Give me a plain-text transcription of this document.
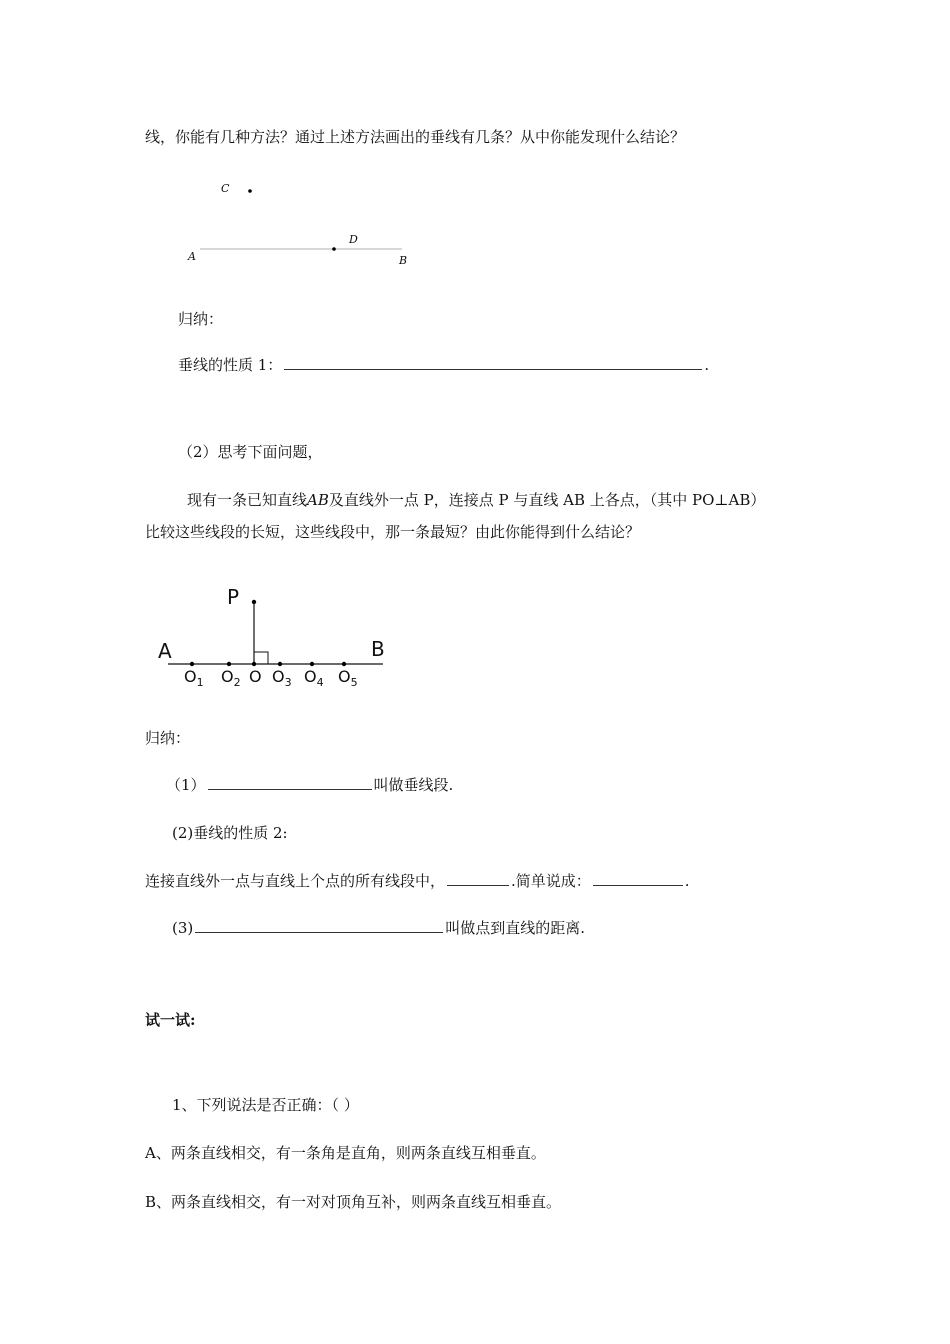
线，你能有几种方法？通过上述方法画出的垂线有几条？从中你能发现什么结论？
C
D
A	B
归纳：
垂线的性质 1：	.
（2）思考下面问题，
现有一条已知直线AB及直线外一点 P，连接点 P 与直线 AB 上各点，（其中 PO⊥AB）
比较这些线段的长短，这些线段中，那一条最短？由此你能得到什么结论？
P
A	B
$O_1$ $O_2$ O $O_3$ $O_4$ $O_5$
归纳：
（1）	叫做垂线段.
(2)垂线的性质 2:
连接直线外一点与直线上个点的所有线段中，	.简单说成：	.
(3)	叫做点到直线的距离.
试一试:
1、下列说法是否正确：（ ）
A、两条直线相交，有一条角是直角，则两条直线互相垂直。
B、两条直线相交，有一对对顶角互补，则两条直线互相垂直。
